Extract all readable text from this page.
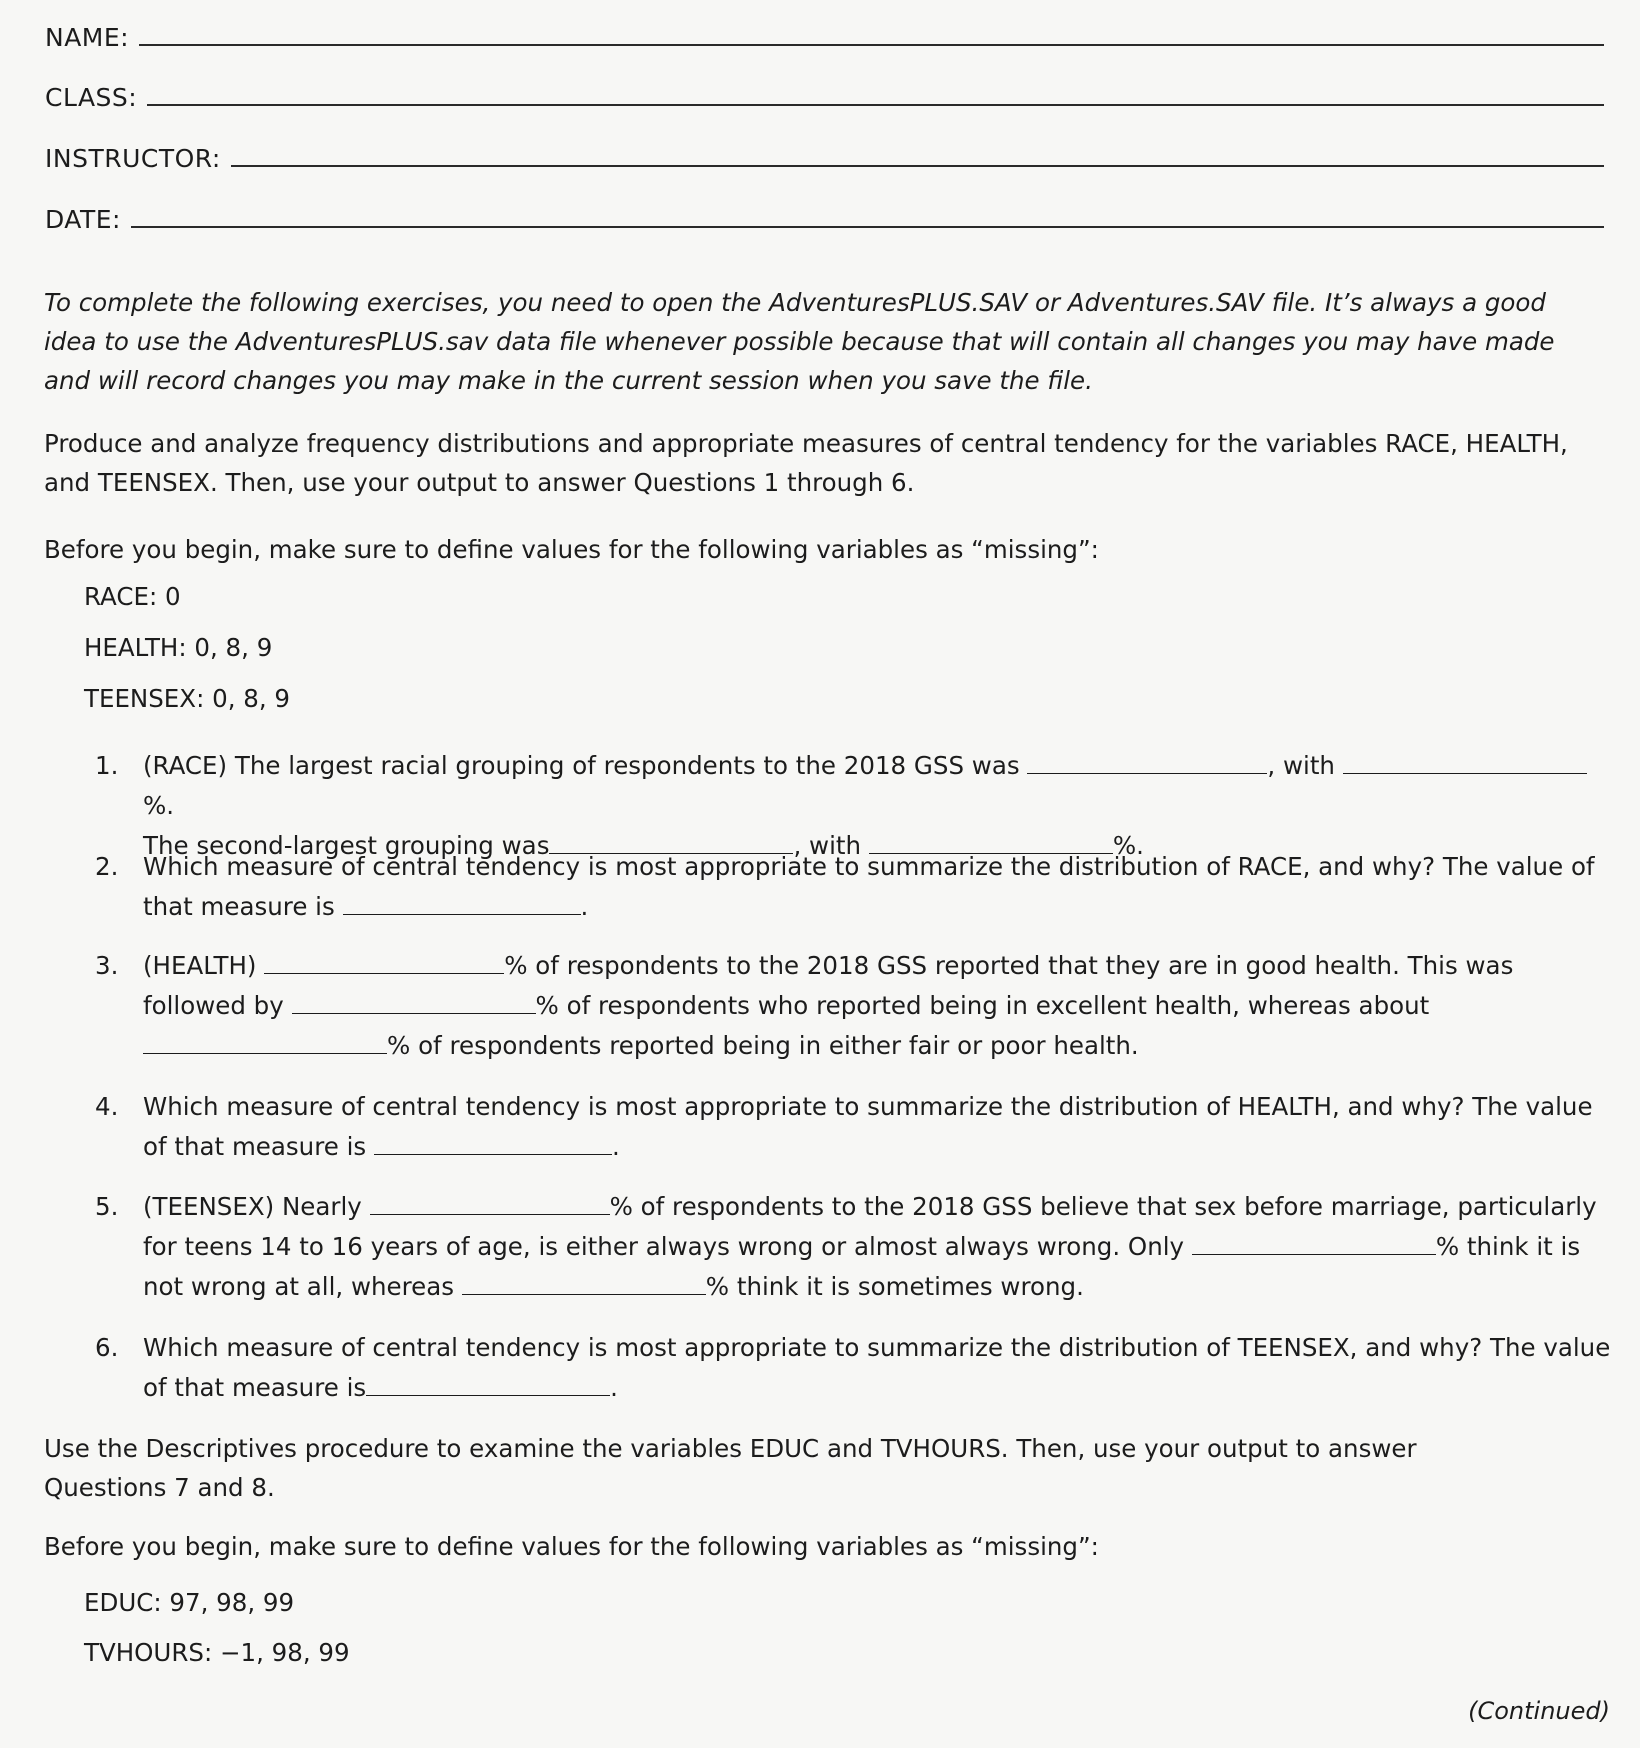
NAME:
CLASS:
INSTRUCTOR:
DATE:
To complete the following exercises, you need to open the AdventuresPLUS.SAV or Adventures.SAV file. It’s always a good idea to use the AdventuresPLUS.sav data file whenever possible because that will contain all changes you may have made and will record changes you may make in the current session when you save the file.
Produce and analyze frequency distributions and appropriate measures of central tendency for the variables RACE, HEALTH, and TEENSEX. Then, use your output to answer Questions 1 through 6.
Before you begin, make sure to define values for the following variables as “missing”:
RACE: 0
HEALTH: 0, 8, 9
TEENSEX: 0, 8, 9
1. (RACE) The largest racial grouping of respondents to the 2018 GSS was	, with %.
The second-largest grouping was	, with	%.
2. Which measure of central tendency is most appropriate to summarize the distribution of RACE, and why? The value of that measure is	.
3. (HEALTH)	% of respondents to the 2018 GSS reported that they are in good health. This was followed by	% of respondents who reported being in excellent health, whereas about % of respondents reported being in either fair or poor health.
4. Which measure of central tendency is most appropriate to summarize the distribution of HEALTH, and why? The value of that measure is	.
5. (TEENSEX) Nearly	% of respondents to the 2018 GSS believe that sex before marriage, particularly for teens 14 to 16 years of age, is either always wrong or almost always wrong. Only	% think it is not wrong at all, whereas	% think it is sometimes wrong.
6. Which measure of central tendency is most appropriate to summarize the distribution of TEENSEX, and why? The value of that measure is	.
Use the Descriptives procedure to examine the variables EDUC and TVHOURS. Then, use your output to answer Questions 7 and 8.
Before you begin, make sure to define values for the following variables as “missing”:
EDUC: 97, 98, 99
TVHOURS: −1, 98, 99
(Continued)
